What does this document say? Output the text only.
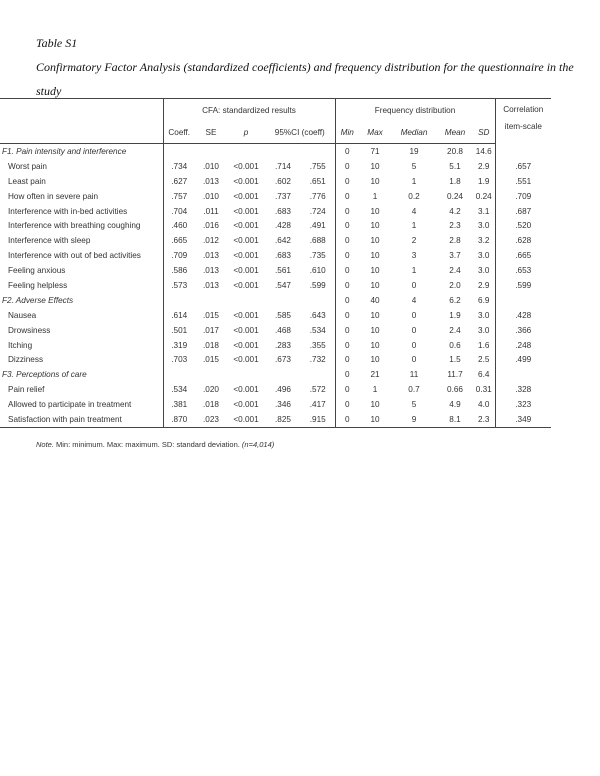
Table S1
Confirmatory Factor Analysis (standardized coefficients) and frequency distribution for the questionnaire in the study
	CFA: standardized results					Frequency distribution					Correlation
item-scale
	Coeff.	SE	p	95%CI (coeff)		Min	Max	Median	Mean	SD	
F1. Pain intensity and interference						0	71	19	20.8	14.6	
Worst pain	.734	.010	<0.001	.714	.755	0	10	5	5.1	2.9	.657
Least pain	.627	.013	<0.001	.602	.651	0	10	1	1.8	1.9	.551
How often in severe pain	.757	.010	<0.001	.737	.776	0	1	0.2	0.24	0.24	.709
Interference with in-bed activities	.704	.011	<0.001	.683	.724	0	10	4	4.2	3.1	.687
Interference with breathing coughing	.460	.016	<0.001	.428	.491	0	10	1	2.3	3.0	.520
Interference with sleep	.665	.012	<0.001	.642	.688	0	10	2	2.8	3.2	.628
Interference with out of bed activities	.709	.013	<0.001	.683	.735	0	10	3	3.7	3.0	.665
Feeling anxious	.586	.013	<0.001	.561	.610	0	10	1	2.4	3.0	.653
Feeling helpless	.573	.013	<0.001	.547	.599	0	10	0	2.0	2.9	.599
F2. Adverse Effects						0	40	4	6.2	6.9	
Nausea	.614	.015	<0.001	.585	.643	0	10	0	1.9	3.0	.428
Drowsiness	.501	.017	<0.001	.468	.534	0	10	0	2.4	3.0	.366
Itching	.319	.018	<0.001	.283	.355	0	10	0	0.6	1.6	.248
Dizziness	.703	.015	<0.001	.673	.732	0	10	0	1.5	2.5	.499
F3. Perceptions of care						0	21	11	11.7	6.4	
Pain relief	.534	.020	<0.001	.496	.572	0	1	0.7	0.66	0.31	.328
Allowed to participate in treatment	.381	.018	<0.001	.346	.417	0	10	5	4.9	4.0	.323
Satisfaction with pain treatment	.870	.023	<0.001	.825	.915	0	10	9	8.1	2.3	.349
Note. Min: minimum. Max: maximum. SD: standard deviation. (n=4,014)
